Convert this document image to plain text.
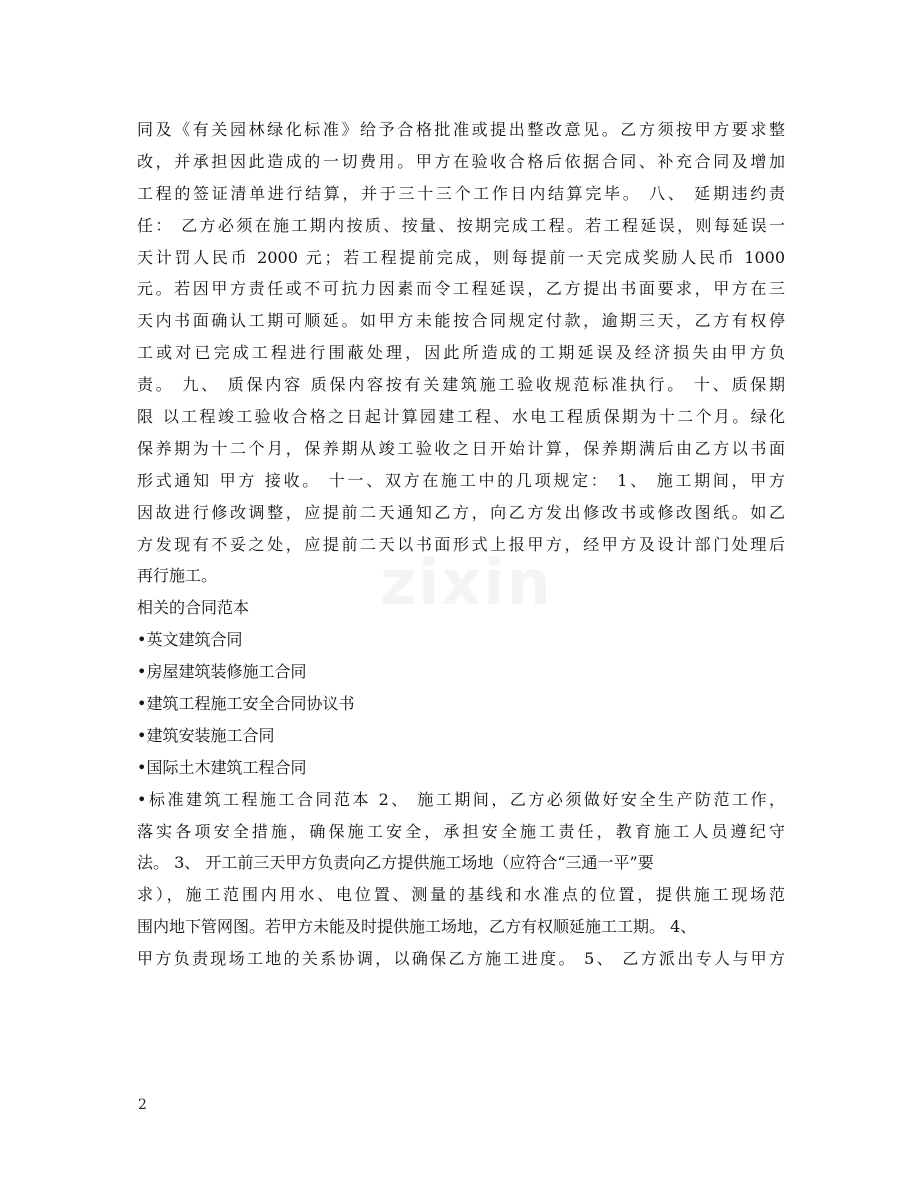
同及《有关园林绿化标准》给予合格批准或提出整改意见。乙方须按甲方要求整
改，并承担因此造成的一切费用。甲方在验收合格后依据合同、补充合同及增加
工程的签证清单进行结算，并于三十三个工作日内结算完毕。 八、 延期违约责
任： 乙方必须在施工期内按质、按量、按期完成工程。若工程延误，则每延误一
天计罚人民币 2000 元；若工程提前完成，则每提前一天完成奖励人民币 1000
元。若因甲方责任或不可抗力因素而令工程延误，乙方提出书面要求，甲方在三
天内书面确认工期可顺延。如甲方未能按合同规定付款，逾期三天，乙方有权停
工或对已完成工程进行围蔽处理，因此所造成的工期延误及经济损失由甲方负
责。 九、 质保内容 质保内容按有关建筑施工验收规范标准执行。 十、质保期
限 以工程竣工验收合格之日起计算园建工程、水电工程质保期为十二个月。绿化
保养期为十二个月，保养期从竣工验收之日开始计算，保养期满后由乙方以书面
形式通知 甲方 接收。 十一、双方在施工中的几项规定： 1、 施工期间，甲方
因故进行修改调整，应提前二天通知乙方，向乙方发出修改书或修改图纸。如乙
方发现有不妥之处，应提前二天以书面形式上报甲方，经甲方及设计部门处理后
再行施工。
相关的合同范本
•英文建筑合同
•房屋建筑装修施工合同
•建筑工程施工安全合同协议书
•建筑安装施工合同
•国际土木建筑工程合同
•标准建筑工程施工合同范本 2、 施工期间，乙方必须做好安全生产防范工作，
落实各项安全措施，确保施工安全，承担安全施工责任，教育施工人员遵纪守
法。 3、 开工前三天甲方负责向乙方提供施工场地（应符合“三通一平”要
求），施工范围内用水、电位置、测量的基线和水准点的位置，提供施工现场范
围内地下管网图。若甲方未能及时提供施工场地，乙方有权顺延施工工期。 4、
甲方负责现场工地的关系协调，以确保乙方施工进度。 5、 乙方派出专人与甲方
2
